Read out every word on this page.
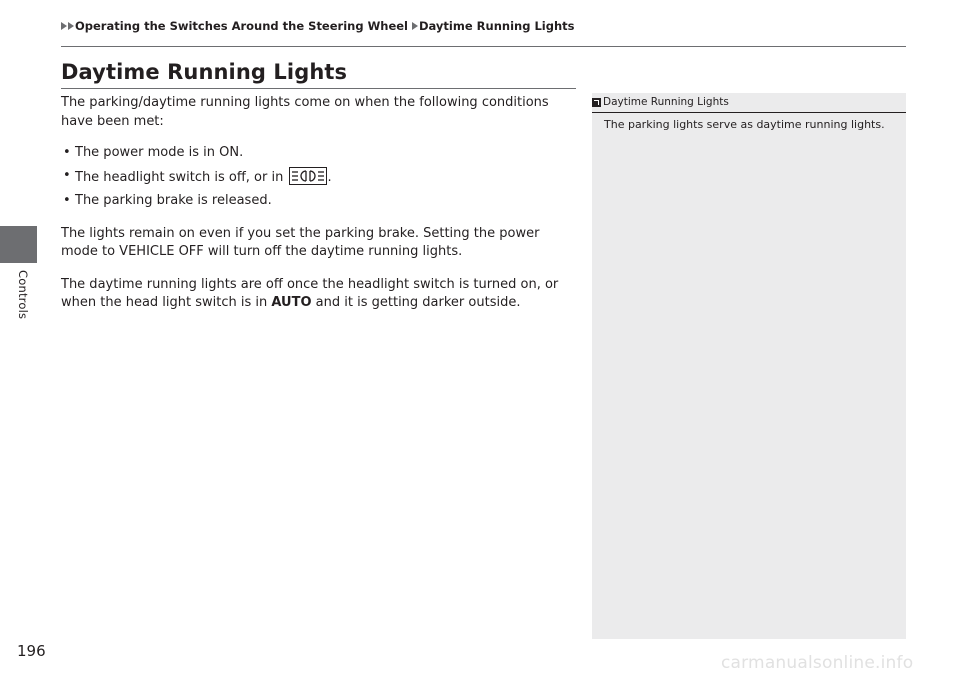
Controls
Operating the Switches Around the Steering Wheel Daytime Running Lights
Daytime Running Lights

The parking/daytime running lights come on when the following conditions have been met:

• The power mode is in ON.
• The headlight switch is off, or in	.
• The parking brake is released.

The lights remain on even if you set the parking brake. Setting the power mode to VEHICLE OFF will turn off the daytime running lights.

The daytime running lights are off once the headlight switch is turned on, or when the head light switch is in AUTO and it is getting darker outside.

Daytime Running Lights
The parking lights serve as daytime running lights.
196
carmanualsonline.info
